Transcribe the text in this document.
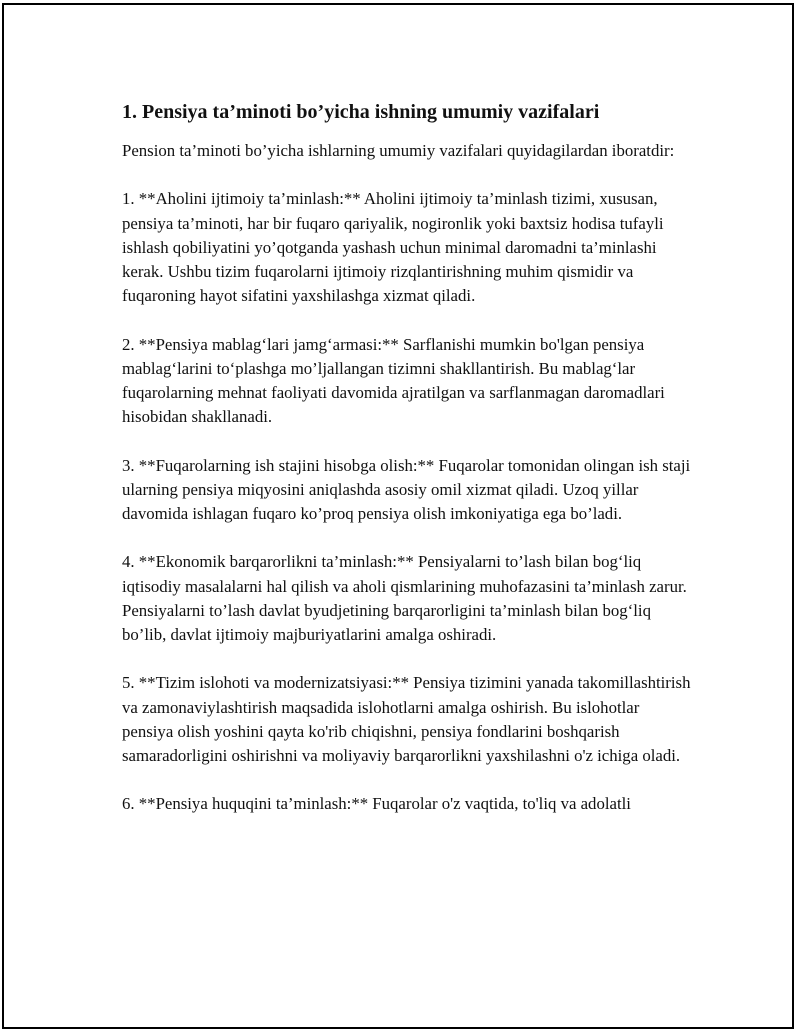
1. Pensiya ta’minoti bo’yicha ishning umumiy vazifalari

Pension ta’minoti bo’yicha ishlarning umumiy vazifalari quyidagilardan iboratdir:

1. **Aholini ijtimoiy ta’minlash:** Aholini ijtimoiy ta’minlash tizimi, xususan, pensiya ta’minoti, har bir fuqaro qariyalik, nogironlik yoki baxtsiz hodisa tufayli ishlash qobiliyatini yo’qotganda yashash uchun minimal daromadni ta’minlashi kerak. Ushbu tizim fuqarolarni ijtimoiy rizqlantirishning muhim qismidir va fuqaroning hayot sifatini yaxshilashga xizmat qiladi.

2. **Pensiya mablag‘lari jamg‘armasi:** Sarflanishi mumkin bo'lgan pensiya mablag‘larini to‘plashga mo’ljallangan tizimni shakllantirish. Bu mablag‘lar fuqarolarning mehnat faoliyati davomida ajratilgan va sarflanmagan daromadlari hisobidan shakllanadi.

3. **Fuqarolarning ish stajini hisobga olish:** Fuqarolar tomonidan olingan ish staji ularning pensiya miqyosini aniqlashda asosiy omil xizmat qiladi. Uzoq yillar davomida ishlagan fuqaro ko’proq pensiya olish imkoniyatiga ega bo’ladi.

4. **Ekonomik barqarorlikni ta’minlash:** Pensiyalarni to’lash bilan bog‘liq iqtisodiy masalalarni hal qilish va aholi qismlarining muhofazasini ta’minlash zarur. Pensiyalarni to’lash davlat byudjetining barqarorligini ta’minlash bilan bog‘liq bo’lib, davlat ijtimoiy majburiyatlarini amalga oshiradi.

5. **Tizim islohoti va modernizatsiyasi:** Pensiya tizimini yanada takomillashtirish va zamonaviylashtirish maqsadida islohotlarni amalga oshirish. Bu islohotlar pensiya olish yoshini qayta ko'rib chiqishni, pensiya fondlarini boshqarish samaradorligini oshirishni va moliyaviy barqarorlikni yaxshilashni o'z ichiga oladi.

6. **Pensiya huquqini ta’minlash:** Fuqarolar o'z vaqtida, to'liq va adolatli
